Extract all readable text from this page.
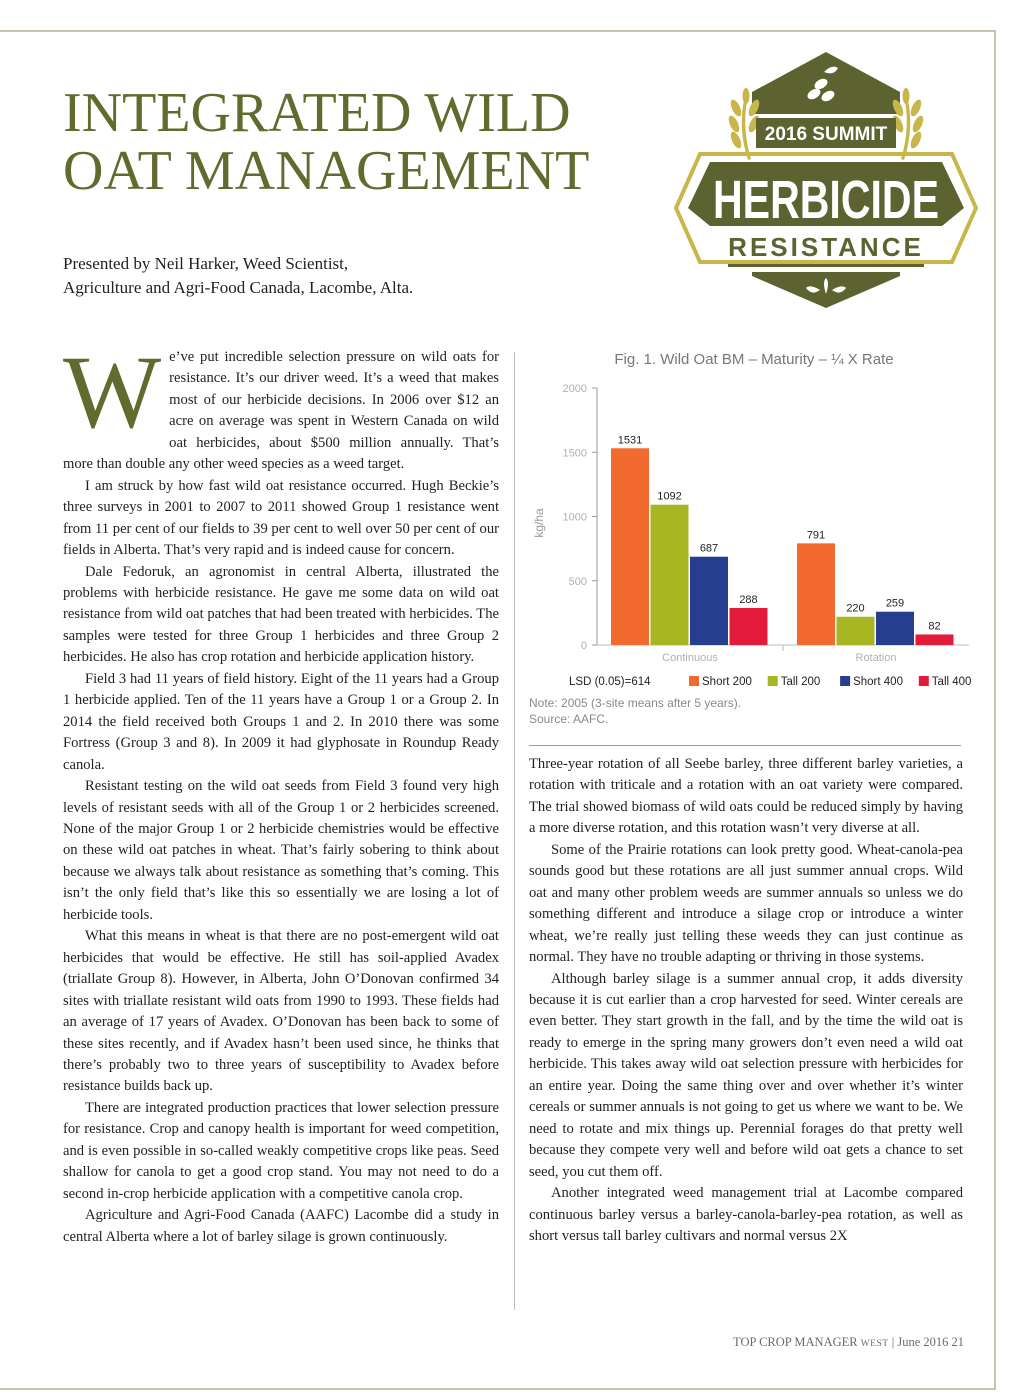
INTEGRATED WILD
OAT MANAGEMENT
Presented by Neil Harker, Weed Scientist,
Agriculture and Agri-Food Canada, Lacombe, Alta.
2016 SUMMIT
HERBICIDE
RESISTANCE
W e’ve put incredible selection pressure on wild oats for resistance. It’s our driver weed. It’s a weed that makes most of our herbicide decisions. In 2006 over $12 an acre on average was spent in Western Canada on wild oat herbicides, about $500 million annually. That’s more than double any other weed species as a weed target.

I am struck by how fast wild oat resistance occurred. Hugh Beckie’s three surveys in 2001 to 2007 to 2011 showed Group 1 resistance went from 11 per cent of our fields to 39 per cent to well over 50 per cent of our fields in Alberta. That’s very rapid and is indeed cause for concern.

Dale Fedoruk, an agronomist in central Alberta, illustrated the problems with herbicide resistance. He gave me some data on wild oat resistance from wild oat patches that had been treated with herbicides. The samples were tested for three Group 1 herbicides and three Group 2 herbicides. He also has crop rotation and herbicide application history.

Field 3 had 11 years of field history. Eight of the 11 years had a Group 1 herbicide applied. Ten of the 11 years have a Group 1 or a Group 2. In 2014 the field received both Groups 1 and 2. In 2010 there was some Fortress (Group 3 and 8). In 2009 it had glyphosate in Roundup Ready canola.

Resistant testing on the wild oat seeds from Field 3 found very high levels of resistant seeds with all of the Group 1 or 2 herbicides screened. None of the major Group 1 or 2 herbicide chemistries would be effective on these wild oat patches in wheat. That’s fairly sobering to think about because we always talk about resistance as something that’s coming. This isn’t the only field that’s like this so essentially we are losing a lot of herbicide tools.

What this means in wheat is that there are no post-emergent wild oat herbicides that would be effective. He still has soil-applied Avadex (triallate Group 8). However, in Alberta, John O’Donovan confirmed 34 sites with triallate resistant wild oats from 1990 to 1993. These fields had an average of 17 years of Avadex. O’Donovan has been back to some of these sites recently, and if Avadex hasn’t been used since, he thinks that there’s probably two to three years of susceptibility to Avadex before resistance builds back up.

There are integrated production practices that lower selection pressure for resistance. Crop and canopy health is important for weed competition, and is even possible in so-called weakly competitive crops like peas. Seed shallow for canola to get a good crop stand. You may not need to do a second in-crop herbicide application with a competitive canola crop.

Agriculture and Agri-Food Canada (AAFC) Lacombe did a study in central Alberta where a lot of barley silage is grown continuously.

Fig. 1. Wild Oat BM – Maturity – ¼ X Rate
kg/ha
0
500
1000
1500
2000
Continuous	Rotation
1531
1092
687
288
791
220 259
82
LSD (0.05)=614	Short 200	Tall 200	Short 400	Tall 400
Note: 2005 (3-site means after 5 years).
Source: AAFC.

Three-year rotation of all Seebe barley, three different barley varieties, a rotation with triticale and a rotation with an oat variety were compared. The trial showed biomass of wild oats could be reduced simply by having a more diverse rotation, and this rotation wasn’t very diverse at all.

Some of the Prairie rotations can look pretty good. Wheat-canola-pea sounds good but these rotations are all just summer annual crops. Wild oat and many other problem weeds are summer annuals so unless we do something different and introduce a silage crop or introduce a winter wheat, we’re really just telling these weeds they can just continue as normal. They have no trouble adapting or thriving in those systems.

Although barley silage is a summer annual crop, it adds diversity because it is cut earlier than a crop harvested for seed. Winter cereals are even better. They start growth in the fall, and by the time the wild oat is ready to emerge in the spring many growers don’t even need a wild oat herbicide. This takes away wild oat selection pressure with herbicides for an entire year. Doing the same thing over and over whether it’s winter cereals or summer annuals is not going to get us where we want to be. We need to rotate and mix things up. Perennial forages do that pretty well because they compete very well and before wild oat gets a chance to set seed, you cut them off.

Another integrated weed management trial at Lacombe compared continuous barley versus a barley-canola-barley-pea rotation, as well as short versus tall barley cultivars and normal versus 2X

TOP CROP MANAGER WEST | June 2016 21
